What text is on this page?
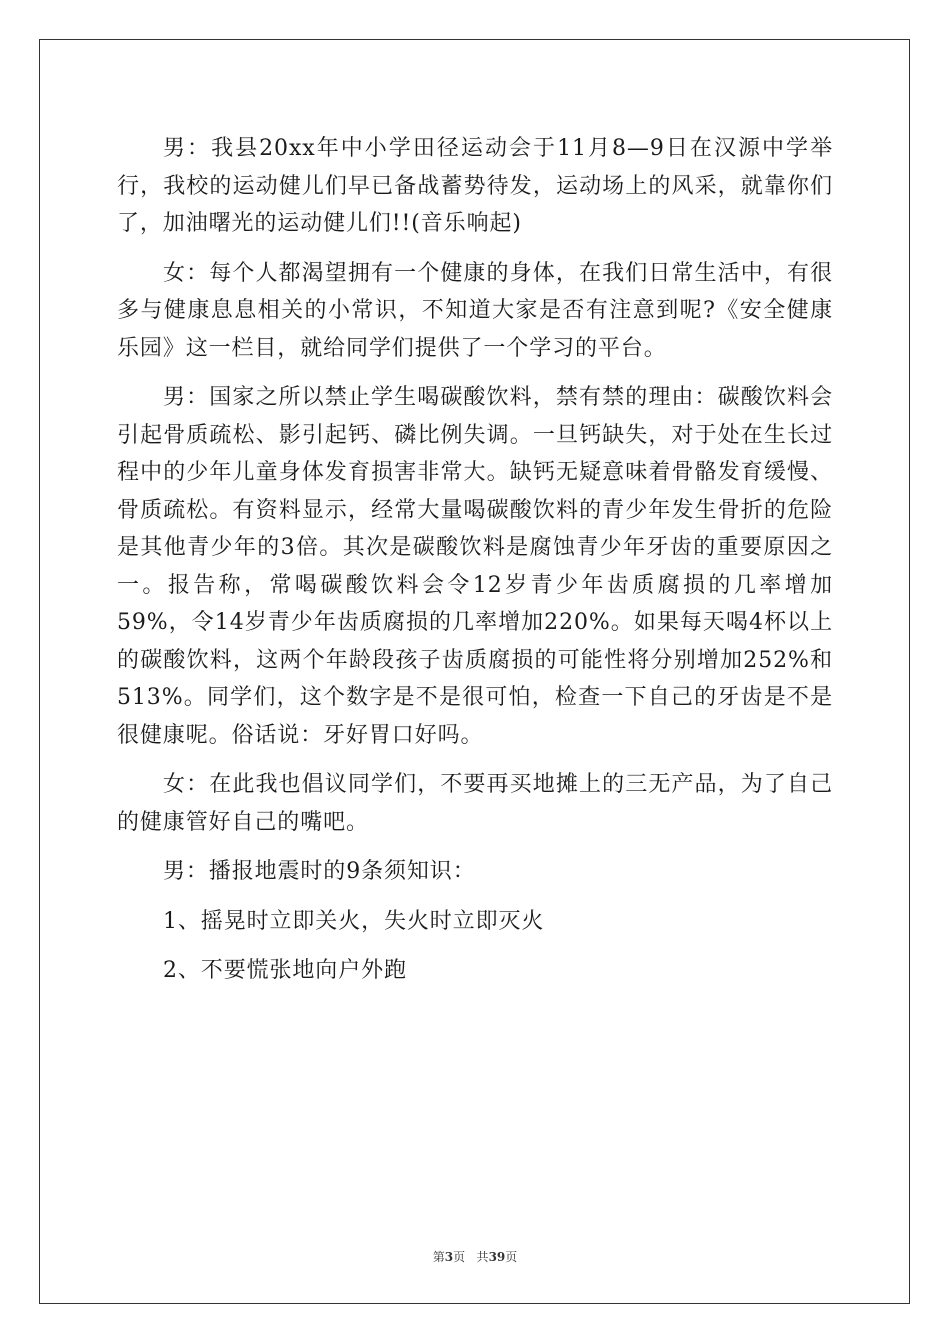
男：我县20xx年中小学田径运动会于11月8—9日在汉源中学举行，我校的运动健儿们早已备战蓄势待发，运动场上的风采，就靠你们了，加油曙光的运动健儿们!!(音乐响起)

女：每个人都渴望拥有一个健康的身体，在我们日常生活中，有很多与健康息息相关的小常识，不知道大家是否有注意到呢?《安全健康乐园》这一栏目，就给同学们提供了一个学习的平台。

男：国家之所以禁止学生喝碳酸饮料，禁有禁的理由：碳酸饮料会引起骨质疏松、影引起钙、磷比例失调。一旦钙缺失，对于处在生长过程中的少年儿童身体发育损害非常大。缺钙无疑意味着骨骼发育缓慢、骨质疏松。有资料显示，经常大量喝碳酸饮料的青少年发生骨折的危险是其他青少年的3倍。其次是碳酸饮料是腐蚀青少年牙齿的重要原因之一。报告称，常喝碳酸饮料会令12岁青少年齿质腐损的几率增加59%，令14岁青少年齿质腐损的几率增加220%。如果每天喝4杯以上的碳酸饮料，这两个年龄段孩子齿质腐损的可能性将分别增加252%和513%。同学们，这个数字是不是很可怕，检查一下自己的牙齿是不是很健康呢。俗话说：牙好胃口好吗。

女：在此我也倡议同学们，不要再买地摊上的三无产品，为了自己的健康管好自己的嘴吧。

男：播报地震时的9条须知识：

1、摇晃时立即关火，失火时立即灭火

2、不要慌张地向户外跑

第3页 共39页
